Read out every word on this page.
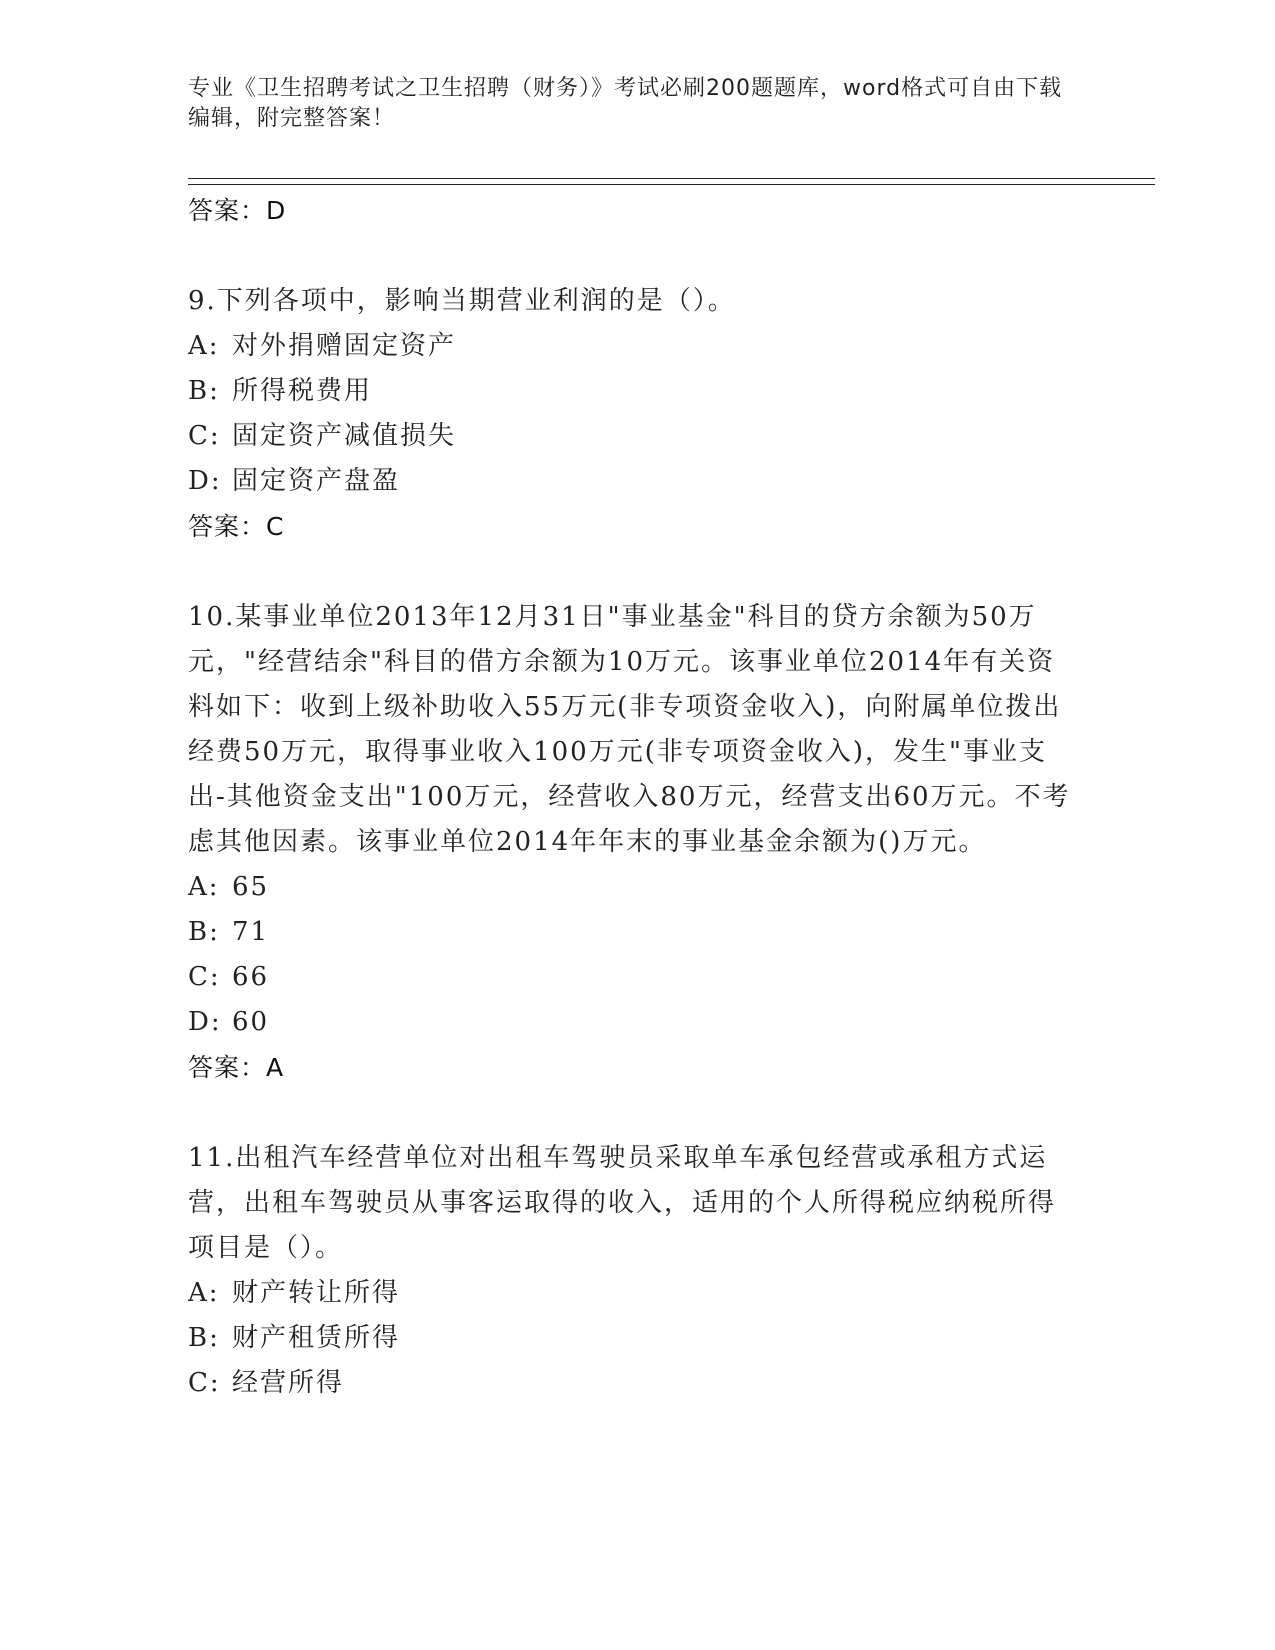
专业《卫生招聘考试之卫生招聘（财务）》考试必刷200题题库，word格式可自由下载编辑，附完整答案！
答案：D
9.下列各项中，影响当期营业利润的是（）。
A: 对外捐赠固定资产
B: 所得税费用
C: 固定资产减值损失
D: 固定资产盘盈
答案：C
10.某事业单位2013年12月31日"事业基金"科目的贷方余额为50万元，"经营结余"科目的借方余额为10万元。该事业单位2014年有关资料如下：收到上级补助收入55万元(非专项资金收入)，向附属单位拨出经费50万元，取得事业收入100万元(非专项资金收入)，发生"事业支出-其他资金支出"100万元，经营收入80万元，经营支出60万元。不考虑其他因素。该事业单位2014年年末的事业基金余额为()万元。
A: 65
B: 71
C: 66
D: 60
答案：A
11.出租汽车经营单位对出租车驾驶员采取单车承包经营或承租方式运营，出租车驾驶员从事客运取得的收入，适用的个人所得税应纳税所得项目是（）。
A: 财产转让所得
B: 财产租赁所得
C: 经营所得
